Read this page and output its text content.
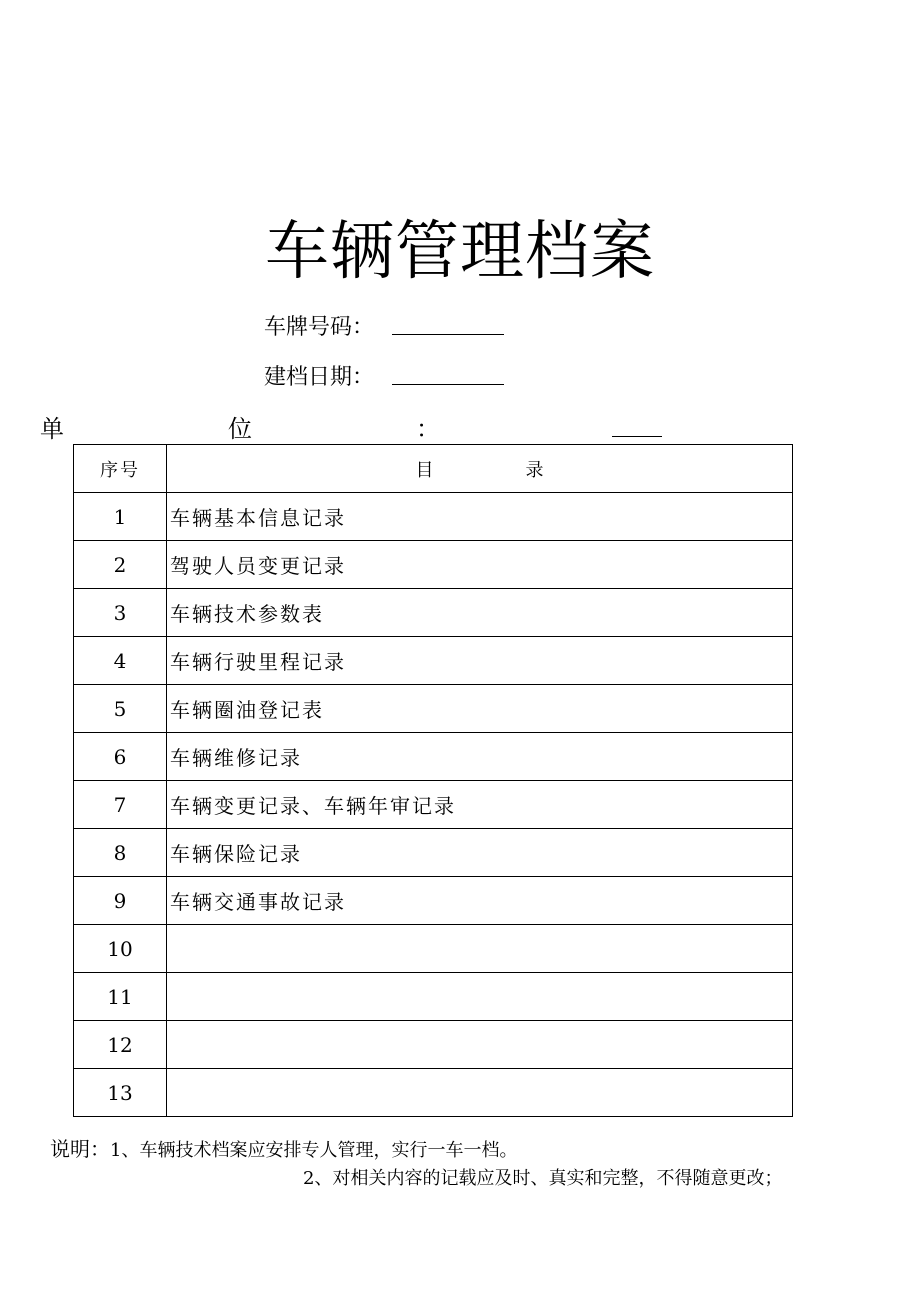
车辆管理档案
车牌号码：
建档日期：
单	位	：
序号	目 录
1	车辆基本信息记录
2	驾驶人员变更记录
3	车辆技术参数表
4	车辆行驶里程记录
5	车辆圈油登记表
6	车辆维修记录
7	车辆变更记录、车辆年审记录
8	车辆保险记录
9	车辆交通事故记录
10	
11	
12	
13	
说明：1、车辆技术档案应安排专人管理，实行一车一档。
2、对相关内容的记载应及时、真实和完整，不得随意更改；
